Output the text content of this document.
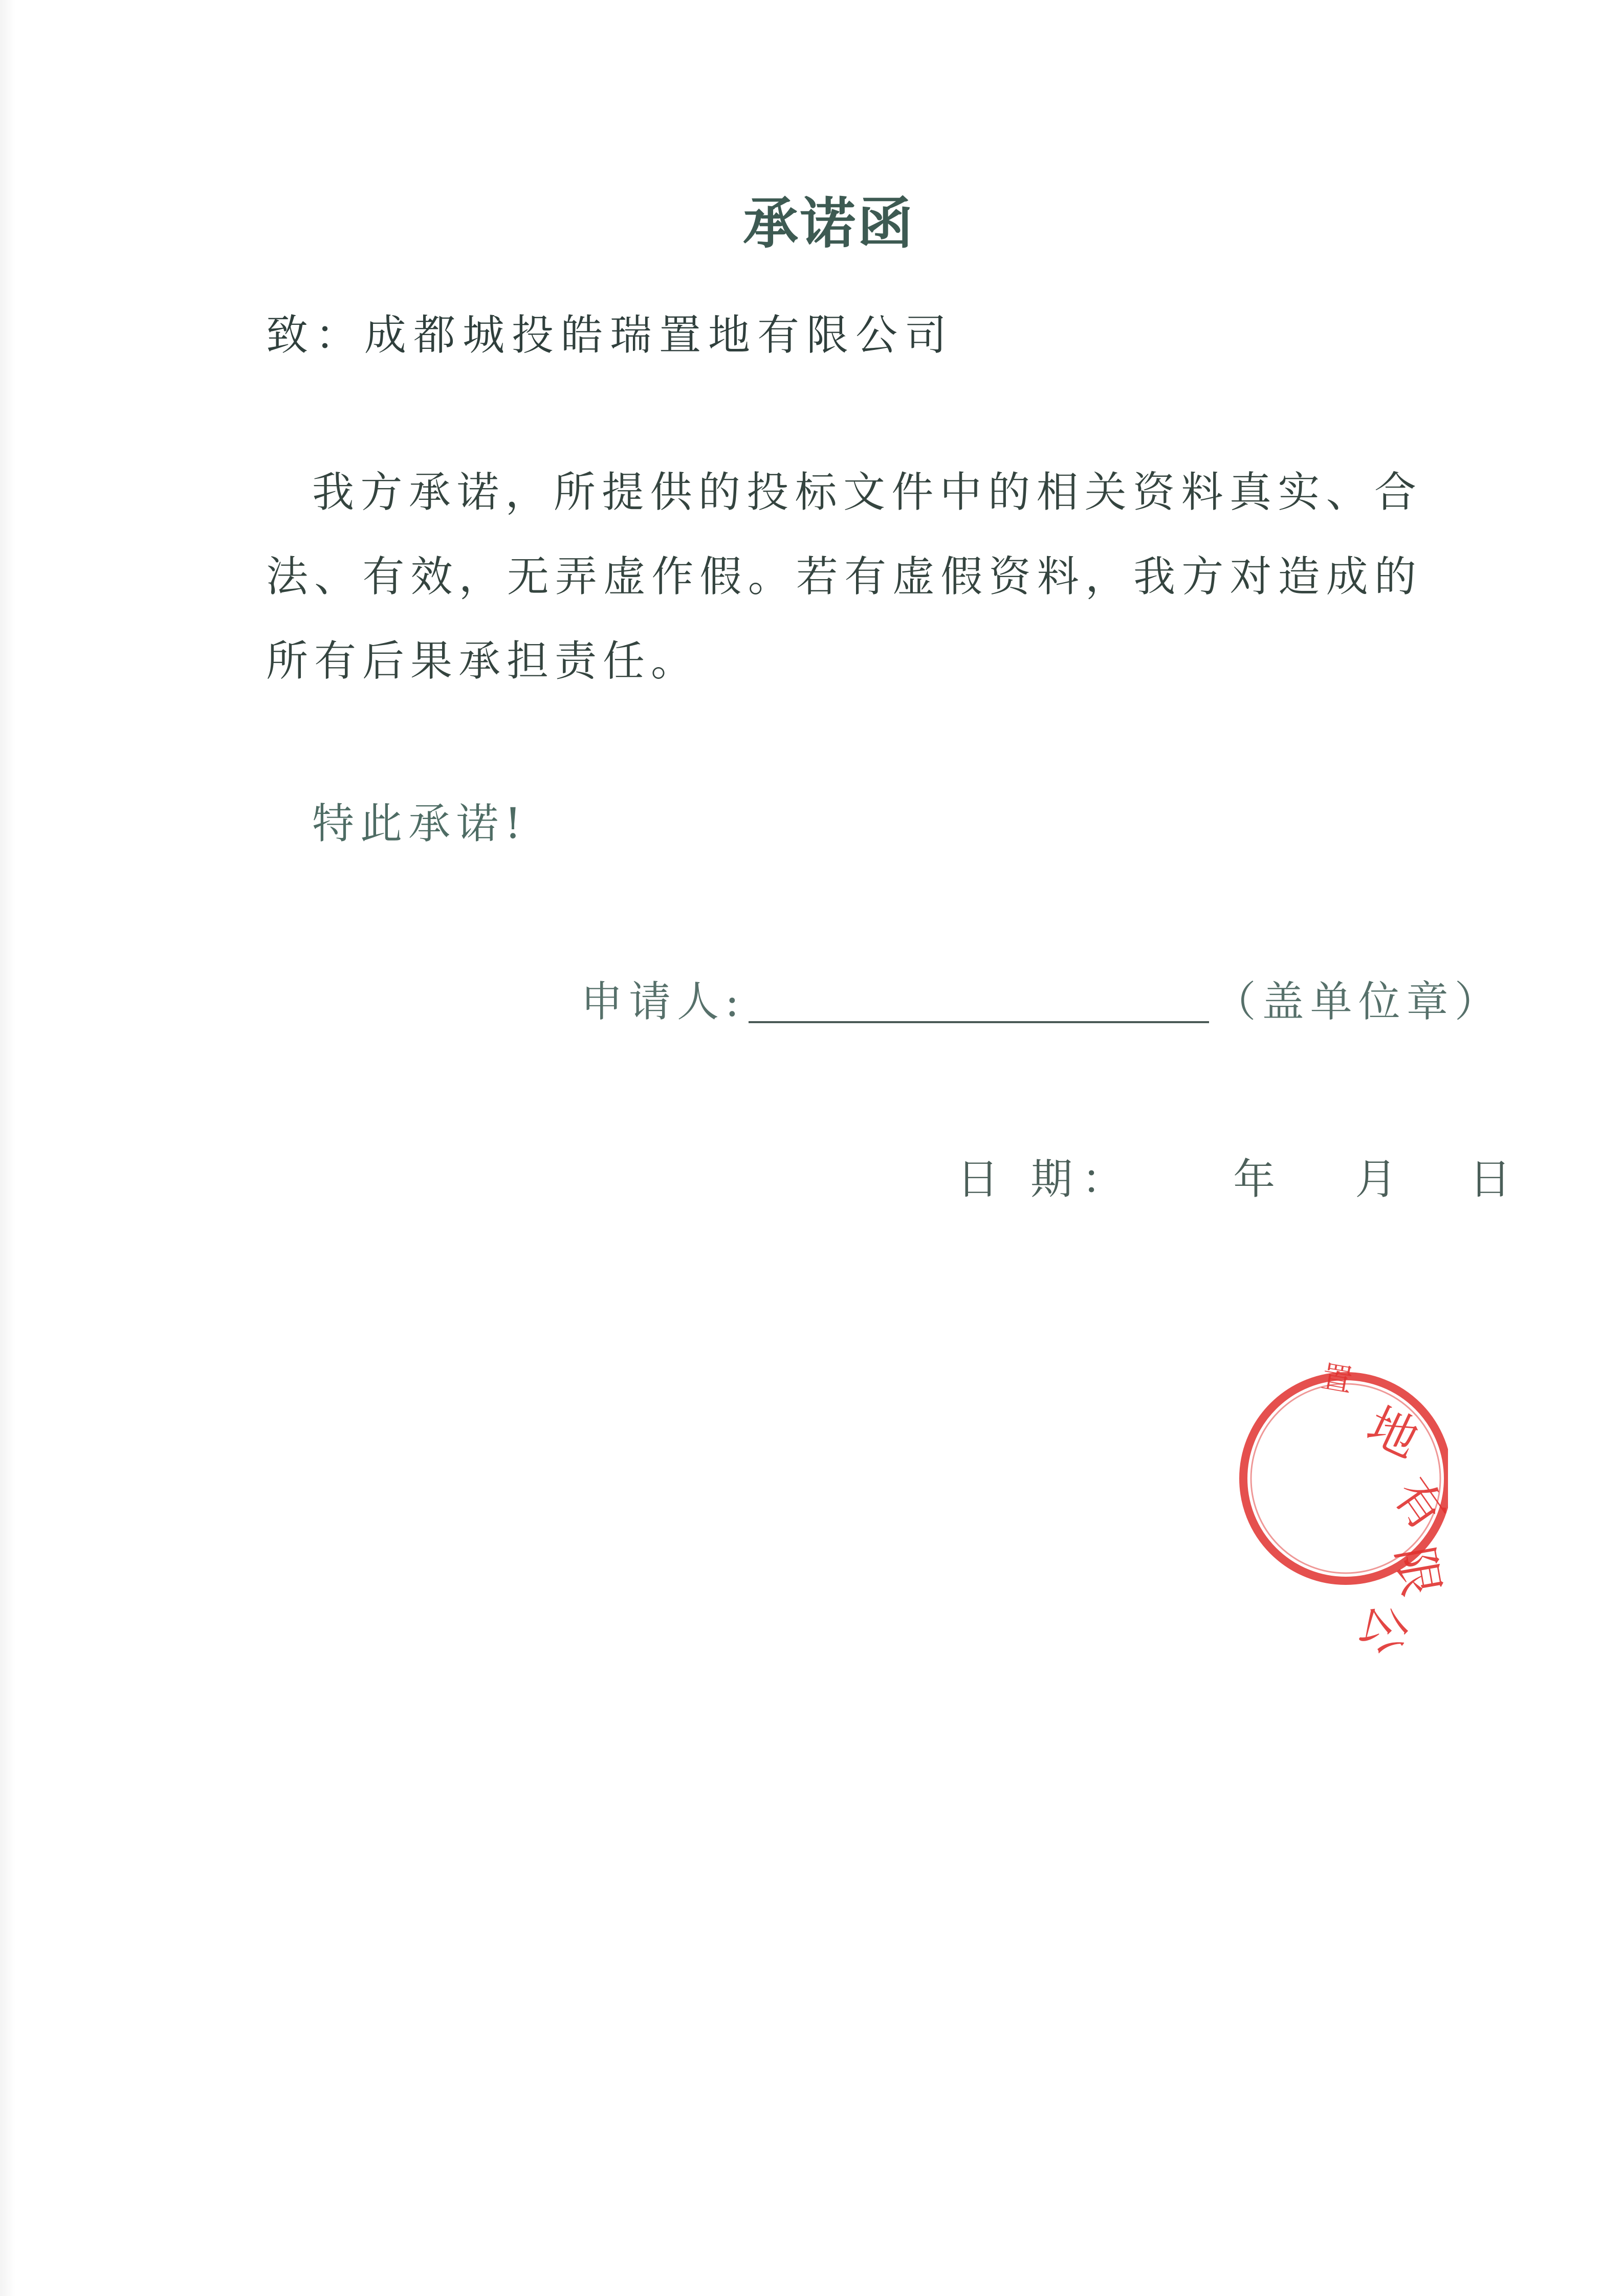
承诺函
致：成都城投皓瑞置地有限公司
我方承诺，所提供的投标文件中的相关资料真实、合法、有效，无弄虚作假。若有虚假资料，我方对造成的所有后果承担责任。
特此承诺!
申请人:	（盖单位章）
日 期： 年 月 日
地
有
限
公
置
